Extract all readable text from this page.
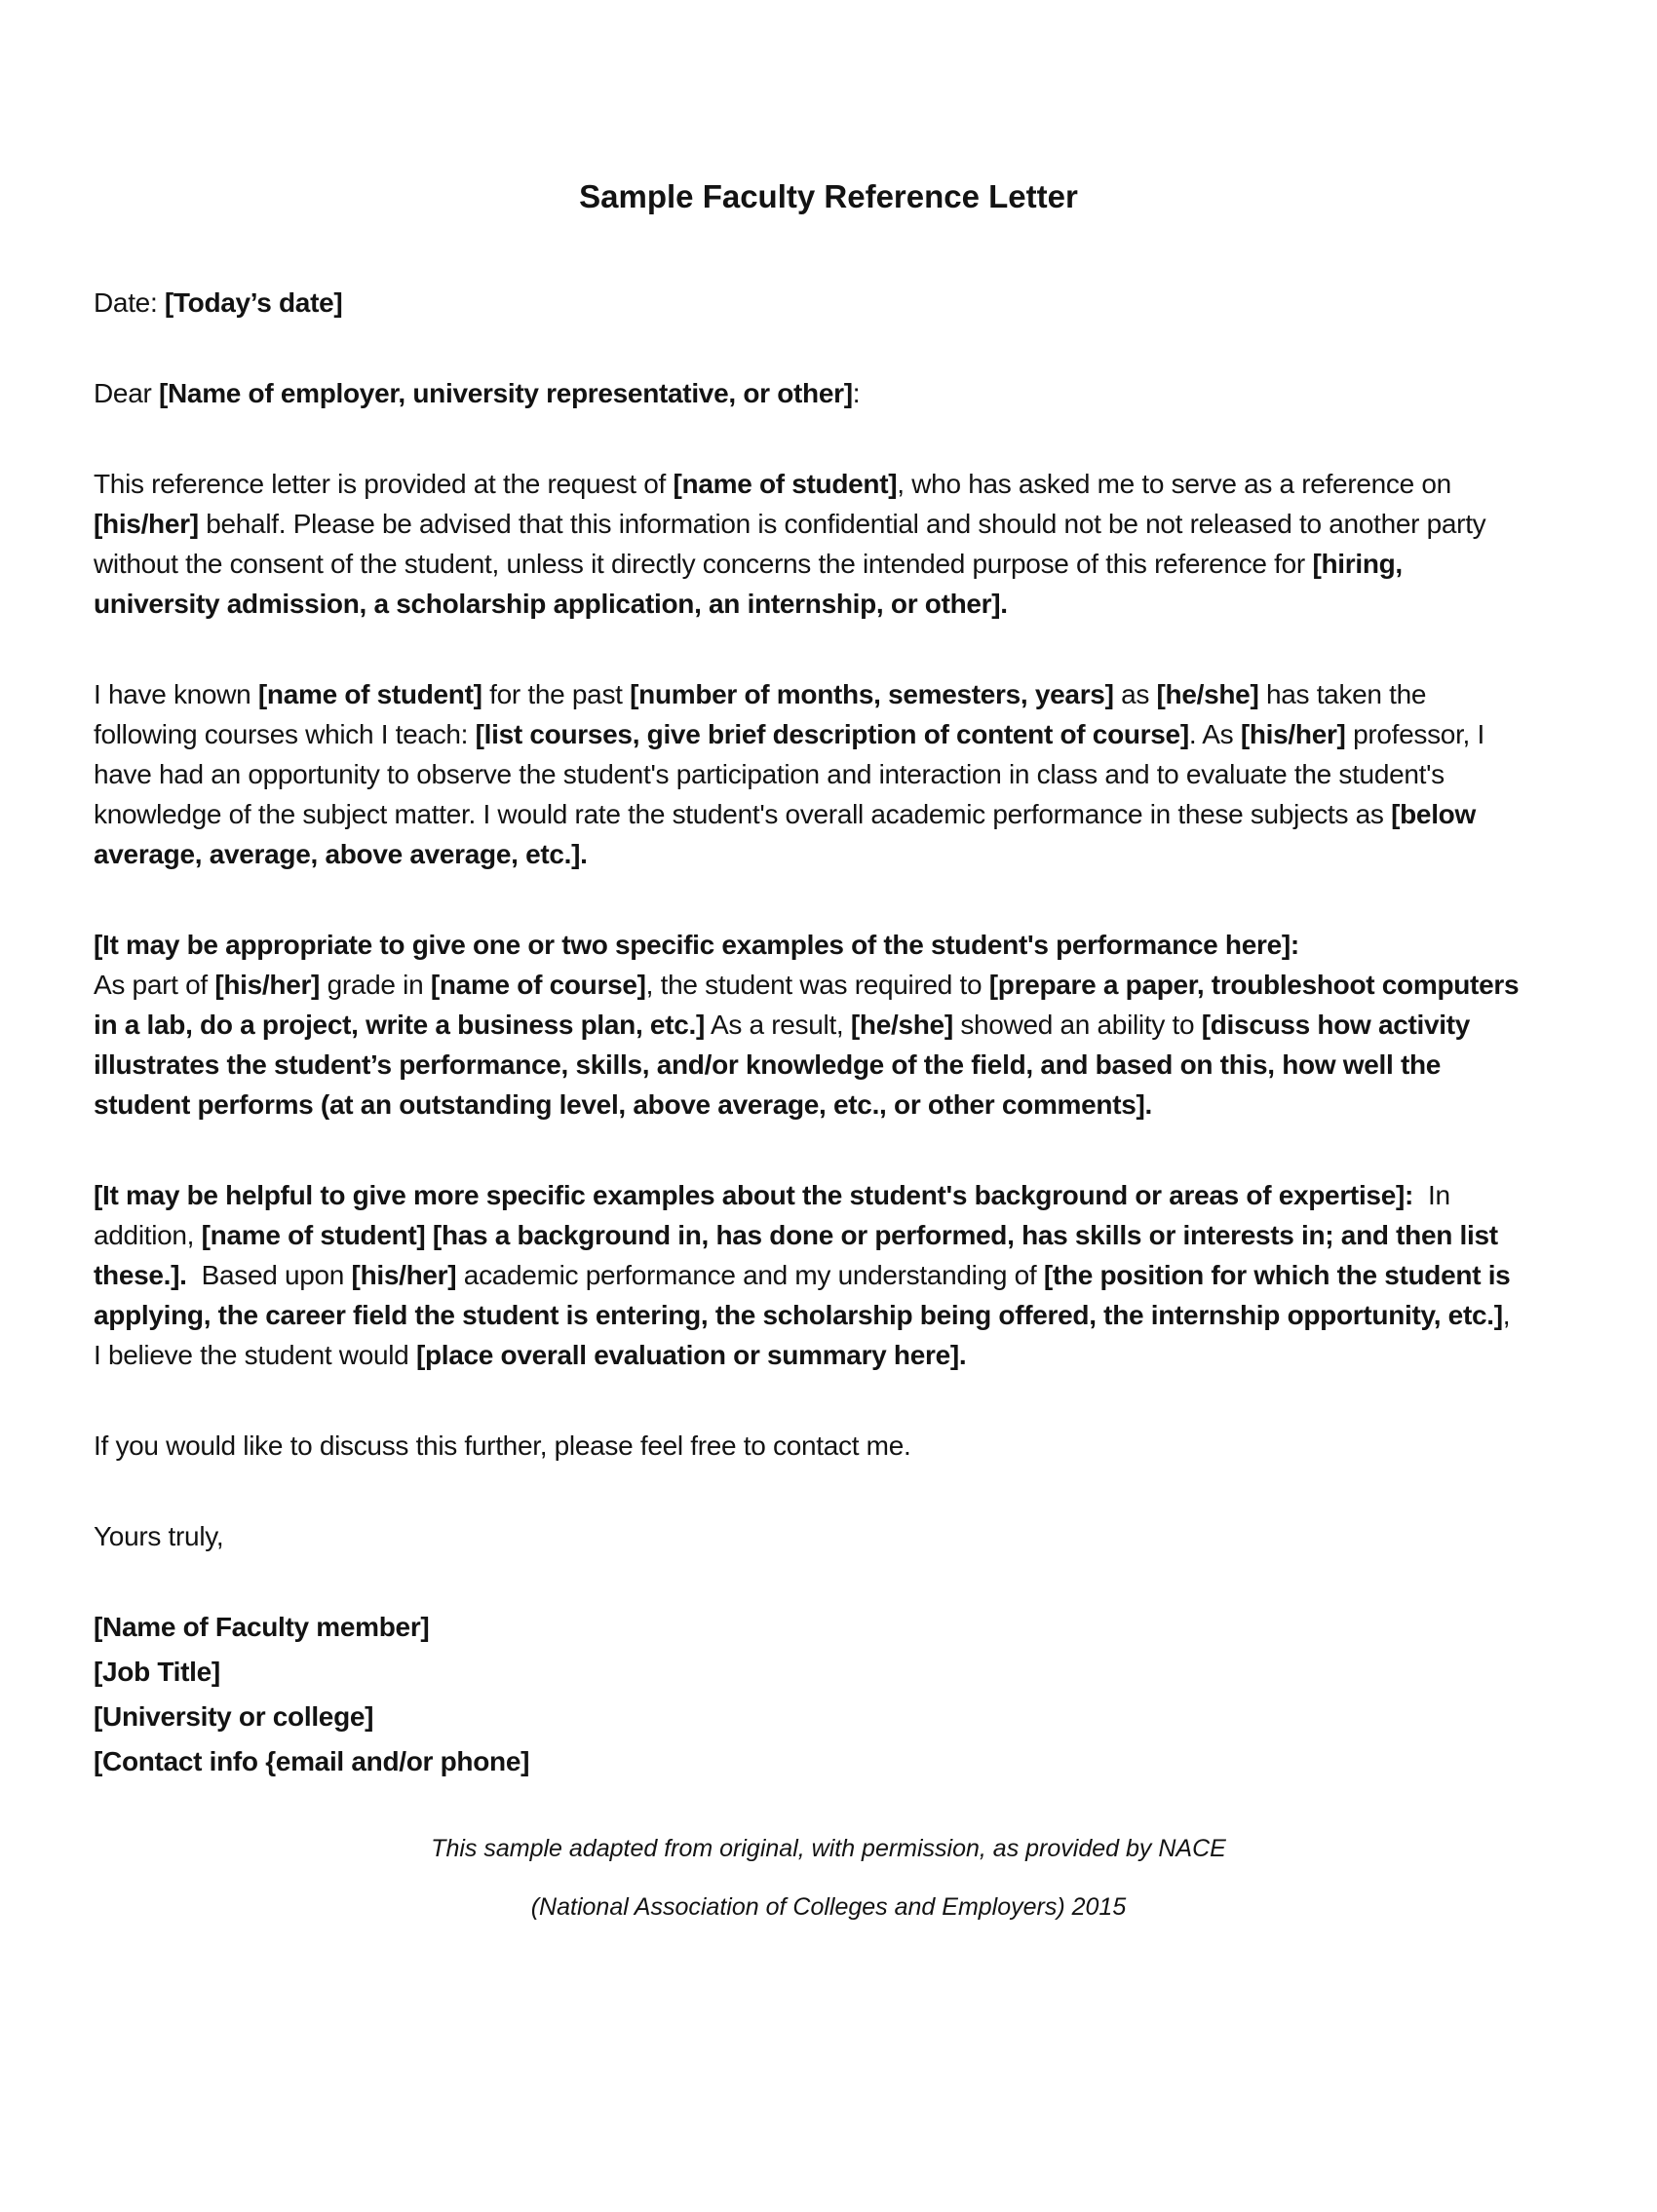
Sample Faculty Reference Letter

Date: [Today’s date]

Dear [Name of employer, university representative, or other]:

This reference letter is provided at the request of [name of student], who has asked me to serve as a reference on [his/her] behalf. Please be advised that this information is confidential and should not be not released to another party without the consent of the student, unless it directly concerns the intended purpose of this reference for [hiring, university admission, a scholarship application, an internship, or other].

I have known [name of student] for the past [number of months, semesters, years] as [he/she] has taken the following courses which I teach: [list courses, give brief description of content of course]. As [his/her] professor, I have had an opportunity to observe the student's participation and interaction in class and to evaluate the student's knowledge of the subject matter. I would rate the student's overall academic performance in these subjects as [below average, average, above average, etc.].

[It may be appropriate to give one or two specific examples of the student's performance here]:
As part of [his/her] grade in [name of course], the student was required to [prepare a paper, troubleshoot computers in a lab, do a project, write a business plan, etc.] As a result, [he/she] showed an ability to [discuss how activity illustrates the student’s performance, skills, and/or knowledge of the field, and based on this, how well the student performs (at an outstanding level, above average, etc., or other comments].

[It may be helpful to give more specific examples about the student's background or areas of expertise]:  In addition, [name of student] [has a background in, has done or performed, has skills or interests in; and then list these.].  Based upon [his/her] academic performance and my understanding of [the position for which the student is applying, the career field the student is entering, the scholarship being offered, the internship opportunity, etc.], I believe the student would [place overall evaluation or summary here].

If you would like to discuss this further, please feel free to contact me.

Yours truly,

[Name of Faculty member]

[Job Title]

[University or college]

[Contact info {email and/or phone]

This sample adapted from original, with permission, as provided by NACE

(National Association of Colleges and Employers) 2015
